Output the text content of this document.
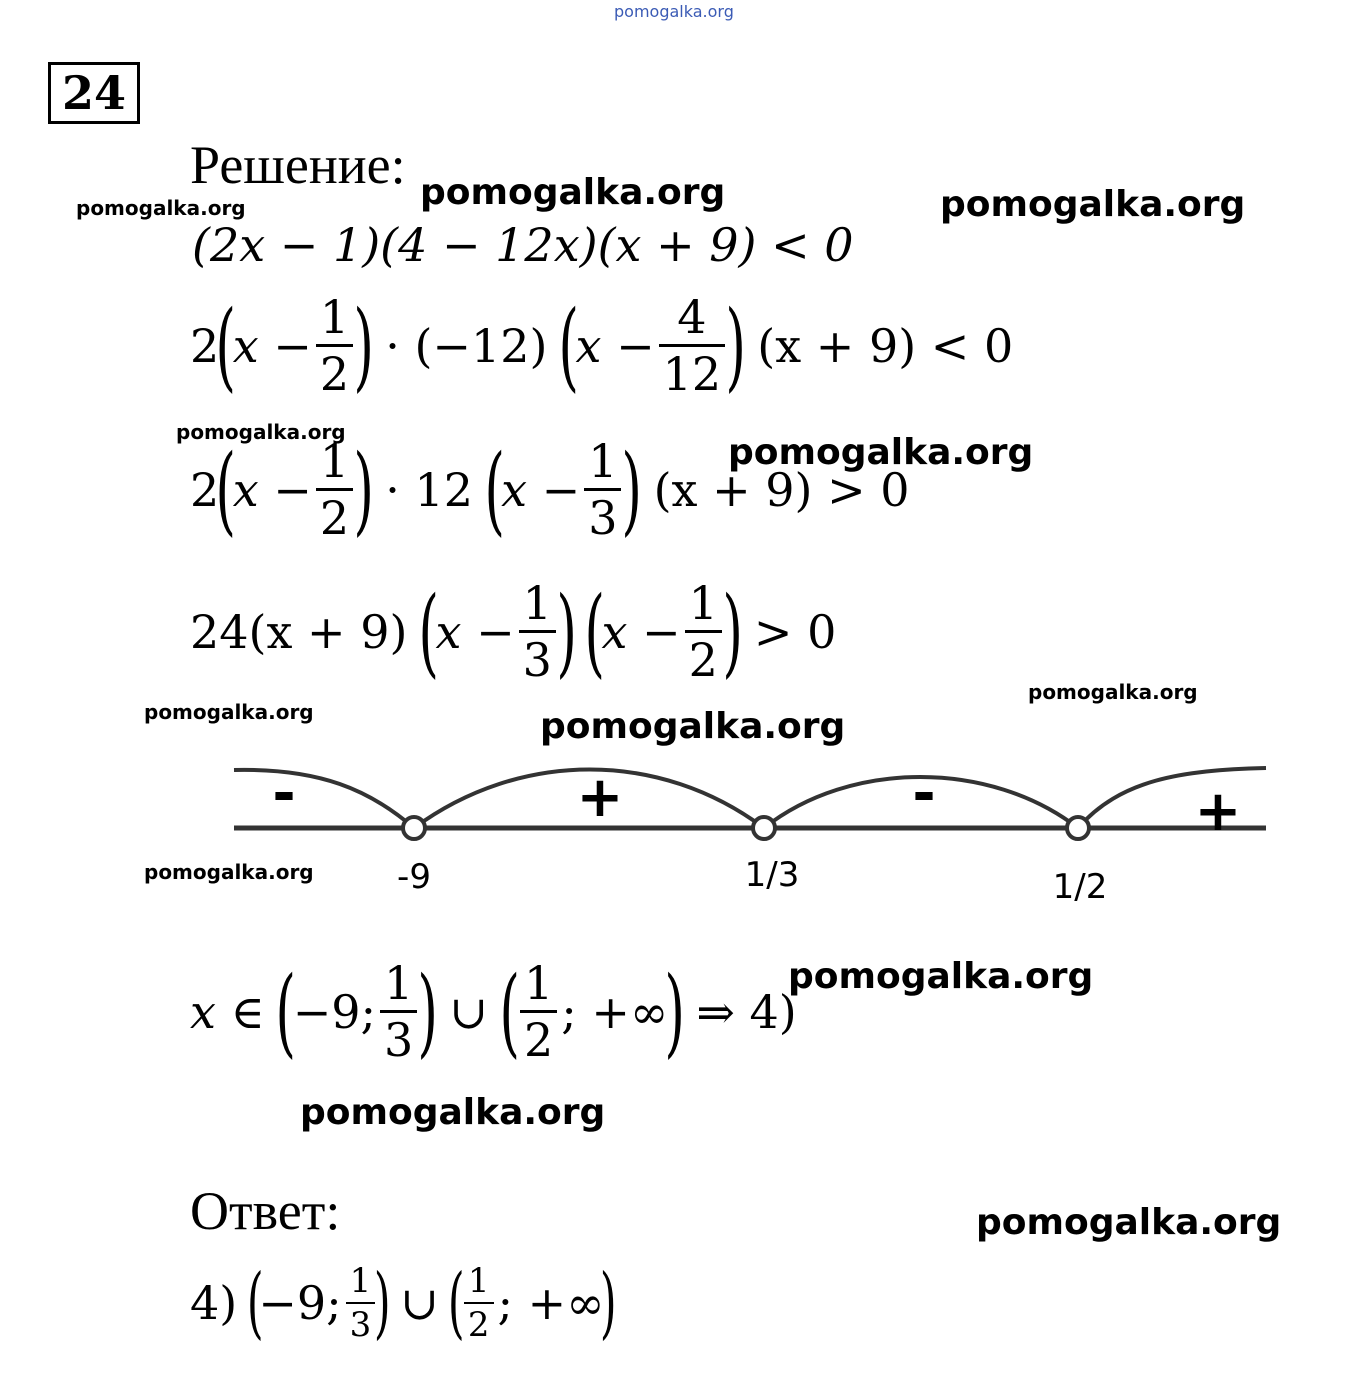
pomogalka.org
pomogalka.org	pomogalka.org
pomogalka.org
pomogalka.org	pomogalka.org
pomogalka.org
pomogalka.org	pomogalka.org
pomogalka.org
pomogalka.org
pomogalka.org
pomogalka.org
24
Решение:
(2x − 1)(4 − 12x)(x + 9) < 0
2
(
$x - \frac{1}{2}$ )
· (−12)
(
$x - \frac{4}{12}$ )
(x + 9) < 0
2
(
$x - \frac{1}{2}$ )
· 12
(
$x - \frac{1}{3}$ )
(x + 9) > 0
24(x + 9)
(
$x - \frac{1}{3}$ )
(
$x - \frac{1}{2}$ )
> 0
-	+	-	+
-9	1/3	1/2
x
∈
(
−9; $\frac{1}{3}$ )
∪
( $\frac{1}{2}$ ; +∞
)
⇒ 4)
Ответ:
4)
(
−9; $\frac{1}{3}$
)
∪
(
$\frac{1}{2}$ ; +∞
)
